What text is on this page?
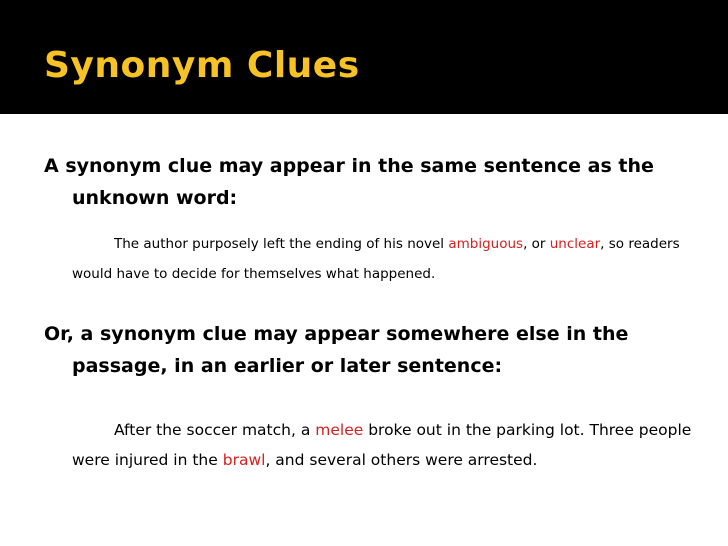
Synonym Clues
A synonym clue may appear in the same sentence as the unknown word:
The author purposely left the ending of his novel ambiguous, or unclear, so readers would have to decide for themselves what happened.
Or, a synonym clue may appear somewhere else in the passage, in an earlier or later sentence:
After the soccer match, a melee broke out in the parking lot. Three people were injured in the brawl, and several others were arrested.
